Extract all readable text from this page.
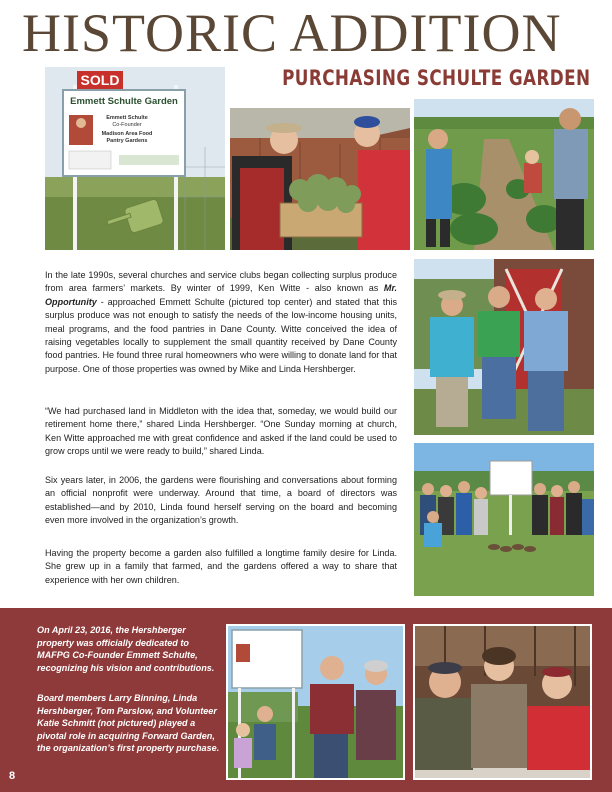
HISTORIC ADDITION
PURCHASING SCHULTE GARDEN
SOLD
Emmett Schulte Garden
Emmett Schulte
Co-Founder
Madison Area Food
Pantry Gardens

In the late 1990s, several churches and service clubs began collecting surplus produce from area farmers’ markets. By winter of 1999, Ken Witte - also known as Mr. Opportunity - approached Emmett Schulte (pictured top center) and stated that this surplus produce was not enough to satisfy the needs of the low-income housing units, meal programs, and the food pantries in Dane County. Witte conceived the idea of raising vegetables locally to supplement the small quantity received by Dane County food pantries. He found three rural homeowners who were willing to donate land for that purpose. One of those properties was owned by Mike and Linda Hershberger.

“We had purchased land in Middleton with the idea that, someday, we would build our retirement home there,” shared Linda Hershberger. “One Sunday morning at church, Ken Witte approached me with great confidence and asked if the land could be used to grow crops until we were ready to build,” shared Linda.

Six years later, in 2006, the gardens were flourishing and conversations about forming an official nonprofit were underway. Around that time, a board of directors was established—and by 2010, Linda found herself serving on the board and becoming even more involved in the organization’s growth.

Having the property become a garden also fulfilled a longtime family desire for Linda. She grew up in a family that farmed, and the gardens offered a way to share that experience with her own children.

On April 23, 2016, the Hershberger property was officially dedicated to MAFPG Co-Founder Emmett Schulte, recognizing his vision and contributions.

Board members Larry Binning, Linda Hershberger, Tom Parslow, and Volunteer Katie Schmitt (not pictured) played a pivotal role in acquiring Forward Garden, the organization’s first property purchase.

8
